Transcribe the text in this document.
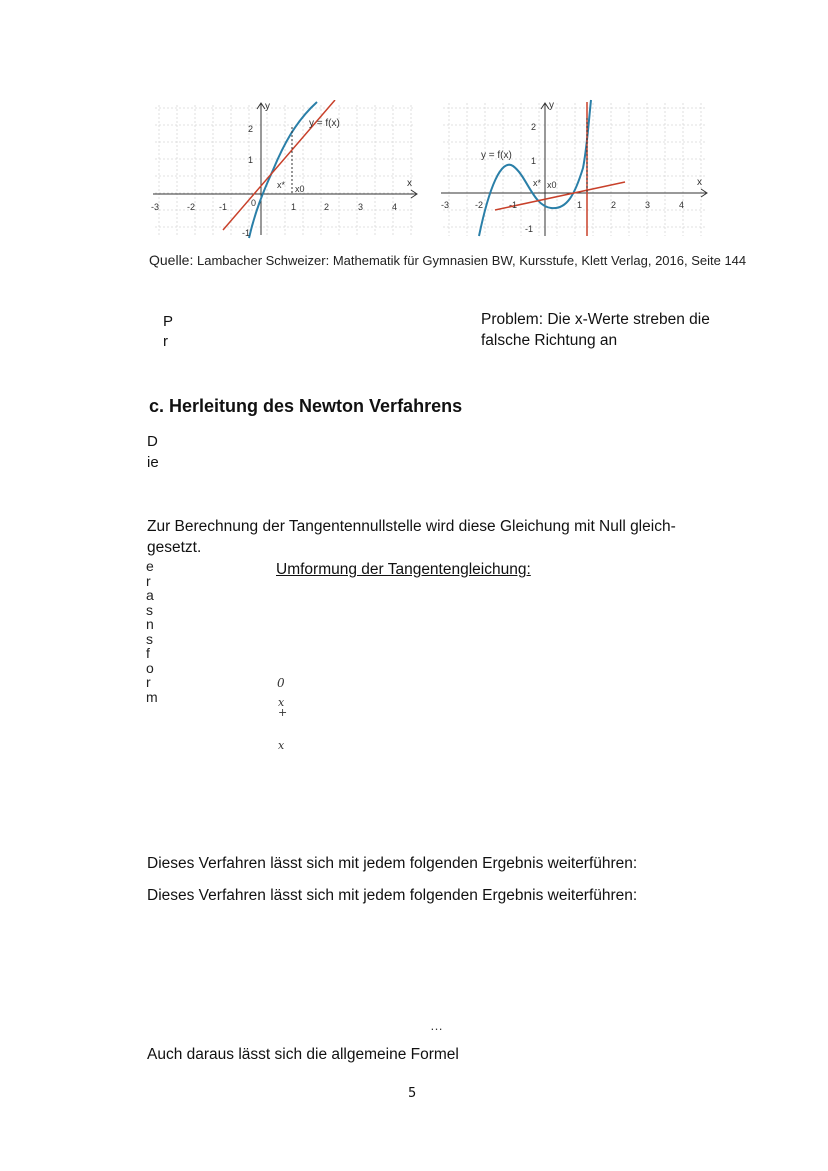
y
x
y = f(x)
-3	-2	-1	0	1	2	3	4
2
1
-1
x* x0
y
x
y = f(x)
-3	-2	-1	1	2	3	4
2
1
-1
x* x0
Quelle: Lambacher Schweizer: Mathematik für Gymnasien BW, Kursstufe, Klett Verlag, 2016, Seite 144
Pr
Problem: Die x-Werte streben die falsche Richtung an
c. Herleitung des Newton Verfahrens
Die
Zur Berechnung der Tangentennullstelle wird diese Gleichung mit Null gleich-gesetzt.
e r a s n s f o r m
Umformung der Tangentengleichung:
0
x
+
x
Dieses Verfahren lässt sich mit jedem folgenden Ergebnis weiterführen:
Dieses Verfahren lässt sich mit jedem folgenden Ergebnis weiterführen:
…
Auch daraus lässt sich die allgemeine Formel
5
